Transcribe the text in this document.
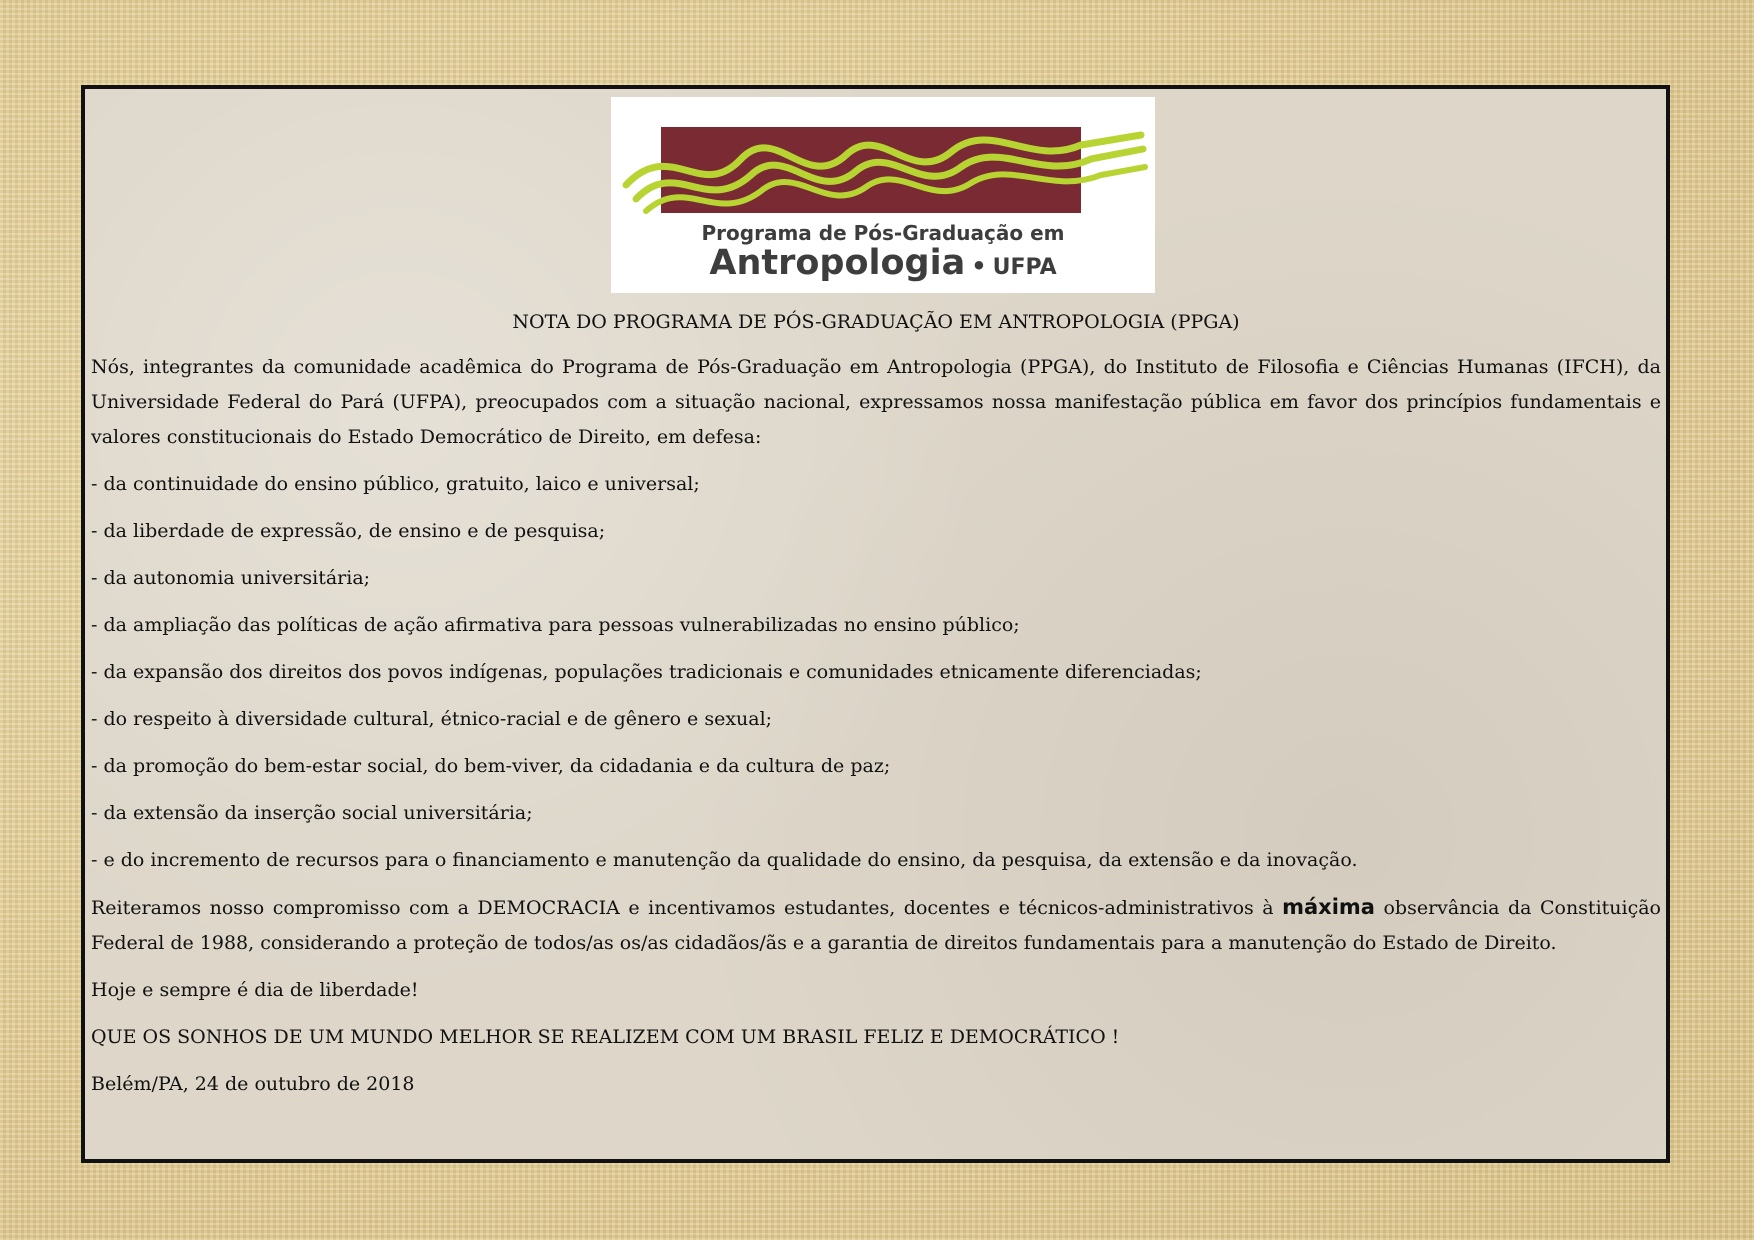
Programa de Pós-Graduação em
Antropologia • UFPA
NOTA DO PROGRAMA DE PÓS-GRADUAÇÃO EM ANTROPOLOGIA (PPGA)
Nós, integrantes da comunidade acadêmica do Programa de Pós-Graduação em Antropologia (PPGA), do Instituto de Filosofia e Ciências Humanas (IFCH), da Universidade Federal do Pará (UFPA), preocupados com a situação nacional, expressamos nossa manifestação pública em favor dos princípios fundamentais e valores constitucionais do Estado Democrático de Direito, em defesa:
- da continuidade do ensino público, gratuito, laico e universal;
- da liberdade de expressão, de ensino e de pesquisa;
- da autonomia universitária;
- da ampliação das políticas de ação afirmativa para pessoas vulnerabilizadas no ensino público;
- da expansão dos direitos dos povos indígenas, populações tradicionais e comunidades etnicamente diferenciadas;
- do respeito à diversidade cultural, étnico-racial e de gênero e sexual;
- da promoção do bem-estar social, do bem-viver, da cidadania e da cultura de paz;
- da extensão da inserção social universitária;
- e do incremento de recursos para o financiamento e manutenção da qualidade do ensino, da pesquisa, da extensão e da inovação.
Reiteramos nosso compromisso com a DEMOCRACIA e incentivamos estudantes, docentes e técnicos-administrativos à máxima observância da Constituição Federal de 1988, considerando a proteção de todos/as os/as cidadãos/ãs e a garantia de direitos fundamentais para a manutenção do Estado de Direito.
Hoje e sempre é dia de liberdade!
QUE OS SONHOS DE UM MUNDO MELHOR SE REALIZEM COM UM BRASIL FELIZ E DEMOCRÁTICO !
Belém/PA, 24 de outubro de 2018
